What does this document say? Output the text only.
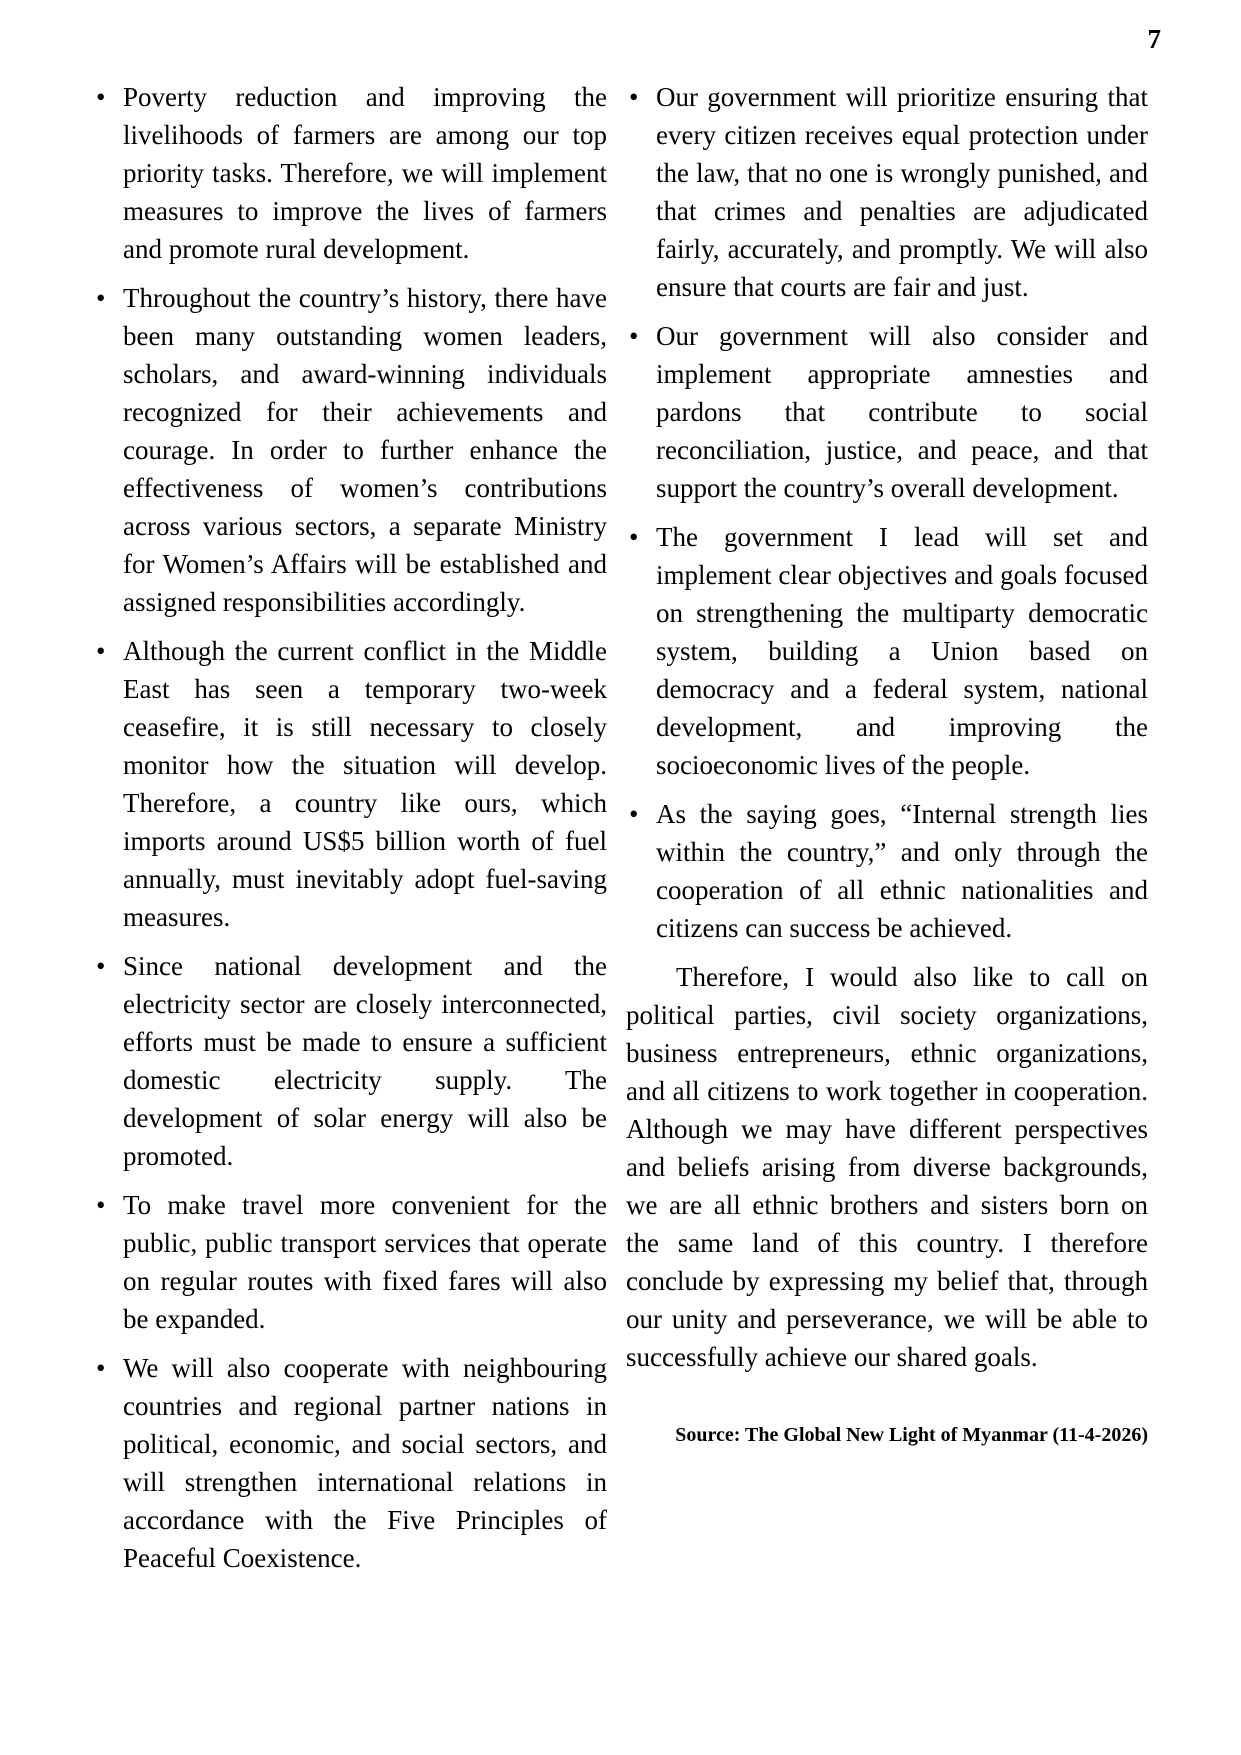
7
• Poverty reduction and improving the livelihoods of farmers are among our top priority tasks. Therefore, we will implement measures to improve the lives of farmers and promote rural development.
• Throughout the country’s history, there have been many outstanding women leaders, scholars, and award-winning individuals recognized for their achievements and courage. In order to further enhance the effectiveness of women’s contributions across various sectors, a separate Ministry for Women’s Affairs will be established and assigned responsibilities accordingly.
• Although the current conflict in the Middle East has seen a temporary two-week ceasefire, it is still necessary to closely monitor how the situation will develop. Therefore, a country like ours, which imports around US$5 billion worth of fuel annually, must inevitably adopt fuel-saving measures.
• Since national development and the electricity sector are closely interconnected, efforts must be made to ensure a sufficient domestic electricity supply. The development of solar energy will also be promoted.
• To make travel more convenient for the public, public transport services that operate on regular routes with fixed fares will also be expanded.
• We will also cooperate with neighbouring countries and regional partner nations in political, economic, and social sectors, and will strengthen international relations in accordance with the Five Principles of Peaceful Coexistence.
• Our government will prioritize ensuring that every citizen receives equal protection under the law, that no one is wrongly punished, and that crimes and penalties are adjudicated fairly, accurately, and promptly. We will also ensure that courts are fair and just.
• Our government will also consider and implement appropriate amnesties and pardons that contribute to social reconciliation, justice, and peace, and that support the country’s overall development.
• The government I lead will set and implement clear objectives and goals focused on strengthening the multiparty democratic system, building a Union based on democracy and a federal system, national development, and improving the socioeconomic lives of the people.
• As the saying goes, “Internal strength lies within the country,” and only through the cooperation of all ethnic nationalities and citizens can success be achieved.

Therefore, I would also like to call on political parties, civil society organizations, business entrepreneurs, ethnic organizations, and all citizens to work together in cooperation. Although we may have different perspectives and beliefs arising from diverse backgrounds, we are all ethnic brothers and sisters born on the same land of this country. I therefore conclude by expressing my belief that, through our unity and perseverance, we will be able to successfully achieve our shared goals.

Source: The Global New Light of Myanmar (11-4-2026)
